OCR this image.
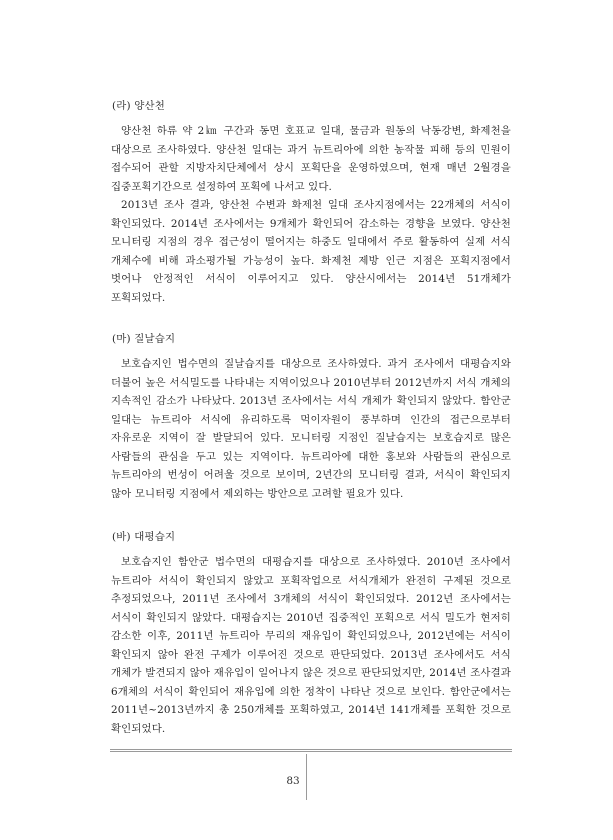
(라) 양산천

양산천 하류 약 2㎞ 구간과 동면 호표교 일대, 물금과 원동의 낙동강변, 화제천을 대상으로 조사하였다. 양산천 일대는 과거 뉴트리아에 의한 농작물 피해 등의 민원이 접수되어 관할 지방자치단체에서 상시 포획단을 운영하였으며, 현재 매년 2월경을 집중포획기간으로 설정하여 포획에 나서고 있다.

2013년 조사 결과, 양산천 수변과 화제천 일대 조사지점에서는 22개체의 서식이 확인되었다. 2014년 조사에서는 9개체가 확인되어 감소하는 경향을 보였다. 양산천 모니터링 지점의 경우 접근성이 떨어지는 하중도 일대에서 주로 활동하여 실제 서식 개체수에 비해 과소평가될 가능성이 높다. 화제천 제방 인근 지점은 포획지점에서 벗어나 안정적인 서식이 이루어지고 있다. 양산시에서는 2014년 51개체가 포획되었다.

(마) 질날습지

보호습지인 법수면의 질날습지를 대상으로 조사하였다. 과거 조사에서 대평습지와 더불어 높은 서식밀도를 나타내는 지역이었으나 2010년부터 2012년까지 서식 개체의 지속적인 감소가 나타났다. 2013년 조사에서는 서식 개체가 확인되지 않았다. 함안군 일대는 뉴트리아 서식에 유리하도록 먹이자원이 풍부하며 인간의 접근으로부터 자유로운 지역이 잘 발달되어 있다. 모니터링 지점인 질날습지는 보호습지로 많은 사람들의 관심을 두고 있는 지역이다. 뉴트리아에 대한 홍보와 사람들의 관심으로 뉴트리아의 번성이 어려울 것으로 보이며, 2년간의 모니터링 결과, 서식이 확인되지 않아 모니터링 지점에서 제외하는 방안으로 고려할 필요가 있다.

(바) 대평습지

보호습지인 함안군 법수면의 대평습지를 대상으로 조사하였다. 2010년 조사에서 뉴트리아 서식이 확인되지 않았고 포획작업으로 서식개체가 완전히 구제된 것으로 추정되었으나, 2011년 조사에서 3개체의 서식이 확인되었다. 2012년 조사에서는 서식이 확인되지 않았다. 대평습지는 2010년 집중적인 포획으로 서식 밀도가 현저히 감소한 이후, 2011년 뉴트리아 무리의 재유입이 확인되었으나, 2012년에는 서식이 확인되지 않아 완전 구제가 이루어진 것으로 판단되었다. 2013년 조사에서도 서식 개체가 발견되지 않아 재유입이 일어나지 않은 것으로 판단되었지만, 2014년 조사결과 6개체의 서식이 확인되어 재유입에 의한 정착이 나타난 것으로 보인다. 함안군에서는 2011년~2013년까지 총 250개체를 포획하였고, 2014년 141개체를 포획한 것으로 확인되었다.

83
